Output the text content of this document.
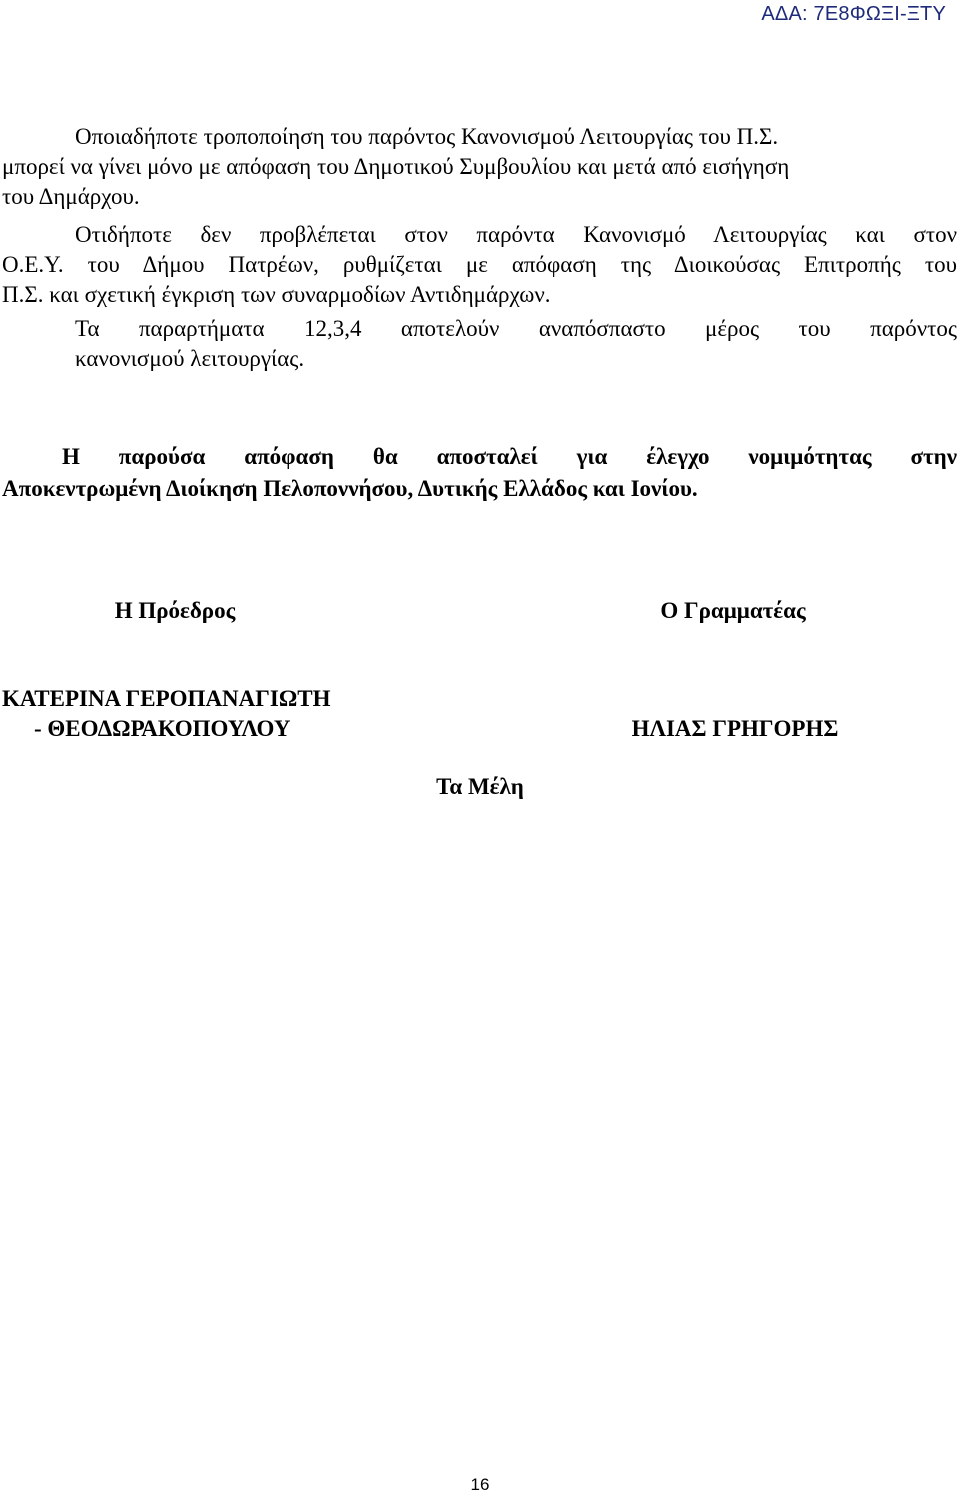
ΑΔΑ: 7Ε8ΦΩΞΙ-ΞΤΥ
Οποιαδήποτε τροποποίηση του παρόντος Κανονισμού Λειτουργίας του Π.Σ.
μπορεί να γίνει μόνο με απόφαση του Δημοτικού Συμβουλίου και μετά από εισήγηση
του Δημάρχου.
Οτιδήποτε δεν προβλέπεται στον παρόντα Κανονισμό Λειτουργίας και στον
Ο.Ε.Υ. του Δήμου Πατρέων, ρυθμίζεται με απόφαση της Διοικούσας Επιτροπής του
Π.Σ. και σχετική έγκριση των συναρμοδίων Αντιδημάρχων.
Τα παραρτήματα 12,3,4 αποτελούν αναπόσπαστο μέρος του παρόντος
κανονισμού λειτουργίας.
Η παρούσα απόφαση θα αποσταλεί για έλεγχο νομιμότητας στην
Αποκεντρωμένη Διοίκηση Πελοποννήσου, Δυτικής Ελλάδος και Ιονίου.
Η Πρόεδρος	Ο Γραμματέας
ΚΑΤΕΡΙΝΑ ΓΕΡΟΠΑΝΑΓΙΩΤΗ
- ΘΕΟΔΩΡΑΚΟΠΟΥΛΟΥ	ΗΛΙΑΣ ΓΡΗΓΟΡΗΣ
Τα Μέλη
16
